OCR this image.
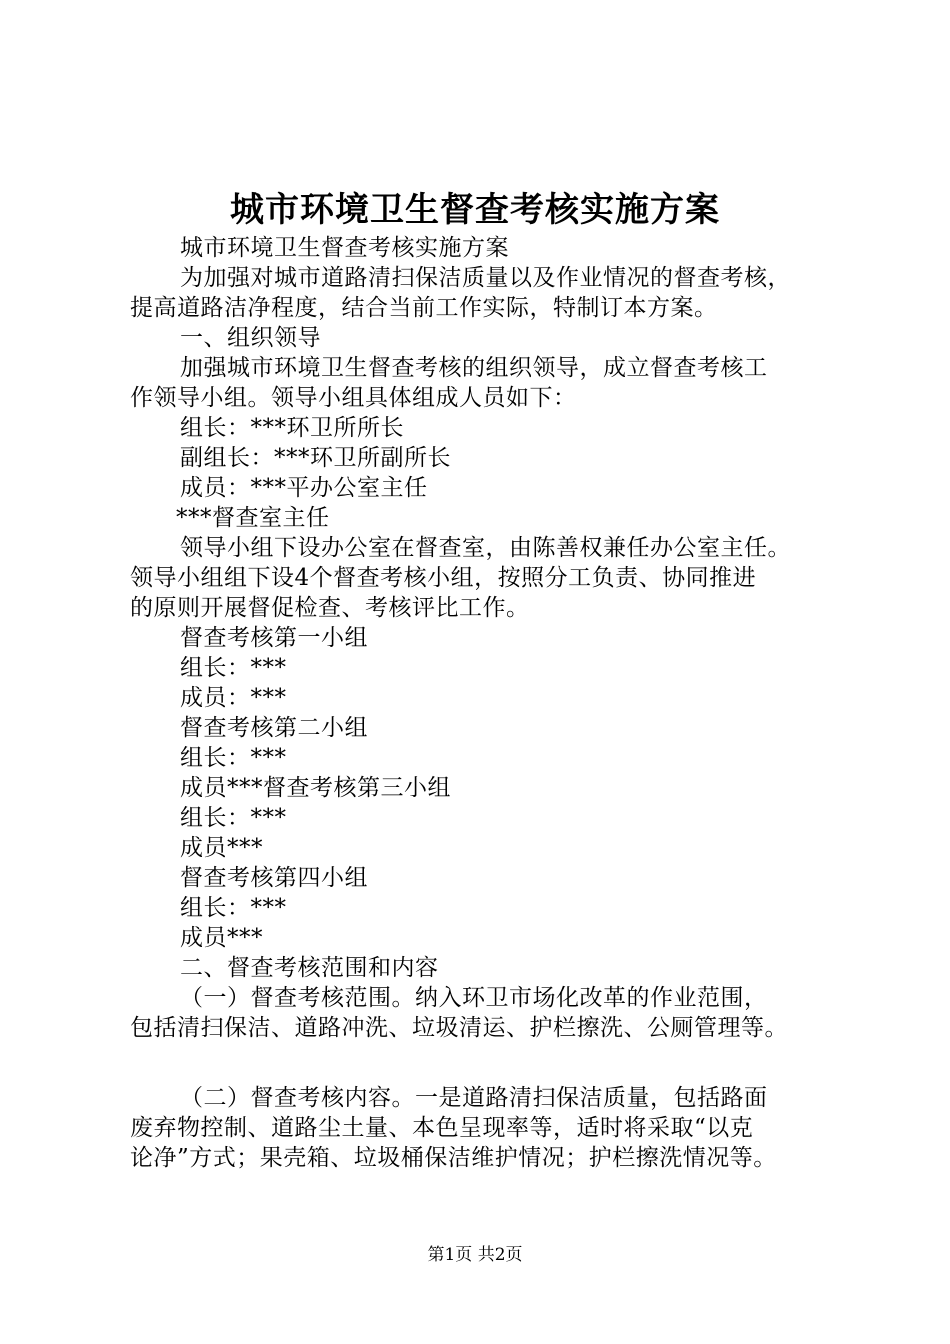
城市环境卫生督查考核实施方案

城市环境卫生督查考核实施方案

为加强对城市道路清扫保洁质量以及作业情况的督查考核，

提高道路洁净程度，结合当前工作实际，特制订本方案。

一、组织领导

加强城市环境卫生督查考核的组织领导，成立督查考核工

作领导小组。领导小组具体组成人员如下：

组长：***环卫所所长

副组长：***环卫所副所长

成员：***平办公室主任

***督查室主任

领导小组下设办公室在督查室，由陈善权兼任办公室主任。

领导小组组下设4个督查考核小组，按照分工负责、协同推进

的原则开展督促检查、考核评比工作。

督查考核第一小组

组长：***

成员：***

督查考核第二小组

组长：***

成员***督查考核第三小组

组长：***

成员***

督查考核第四小组

组长：***

成员***

二、督查考核范围和内容

（一）督查考核范围。纳入环卫市场化改革的作业范围，

包括清扫保洁、道路冲洗、垃圾清运、护栏擦洗、公厕管理等。

（二）督查考核内容。一是道路清扫保洁质量，包括路面

废弃物控制、道路尘土量、本色呈现率等，适时将采取“以克

论净”方式；果壳箱、垃圾桶保洁维护情况；护栏擦洗情况等。

第1页 共2页
